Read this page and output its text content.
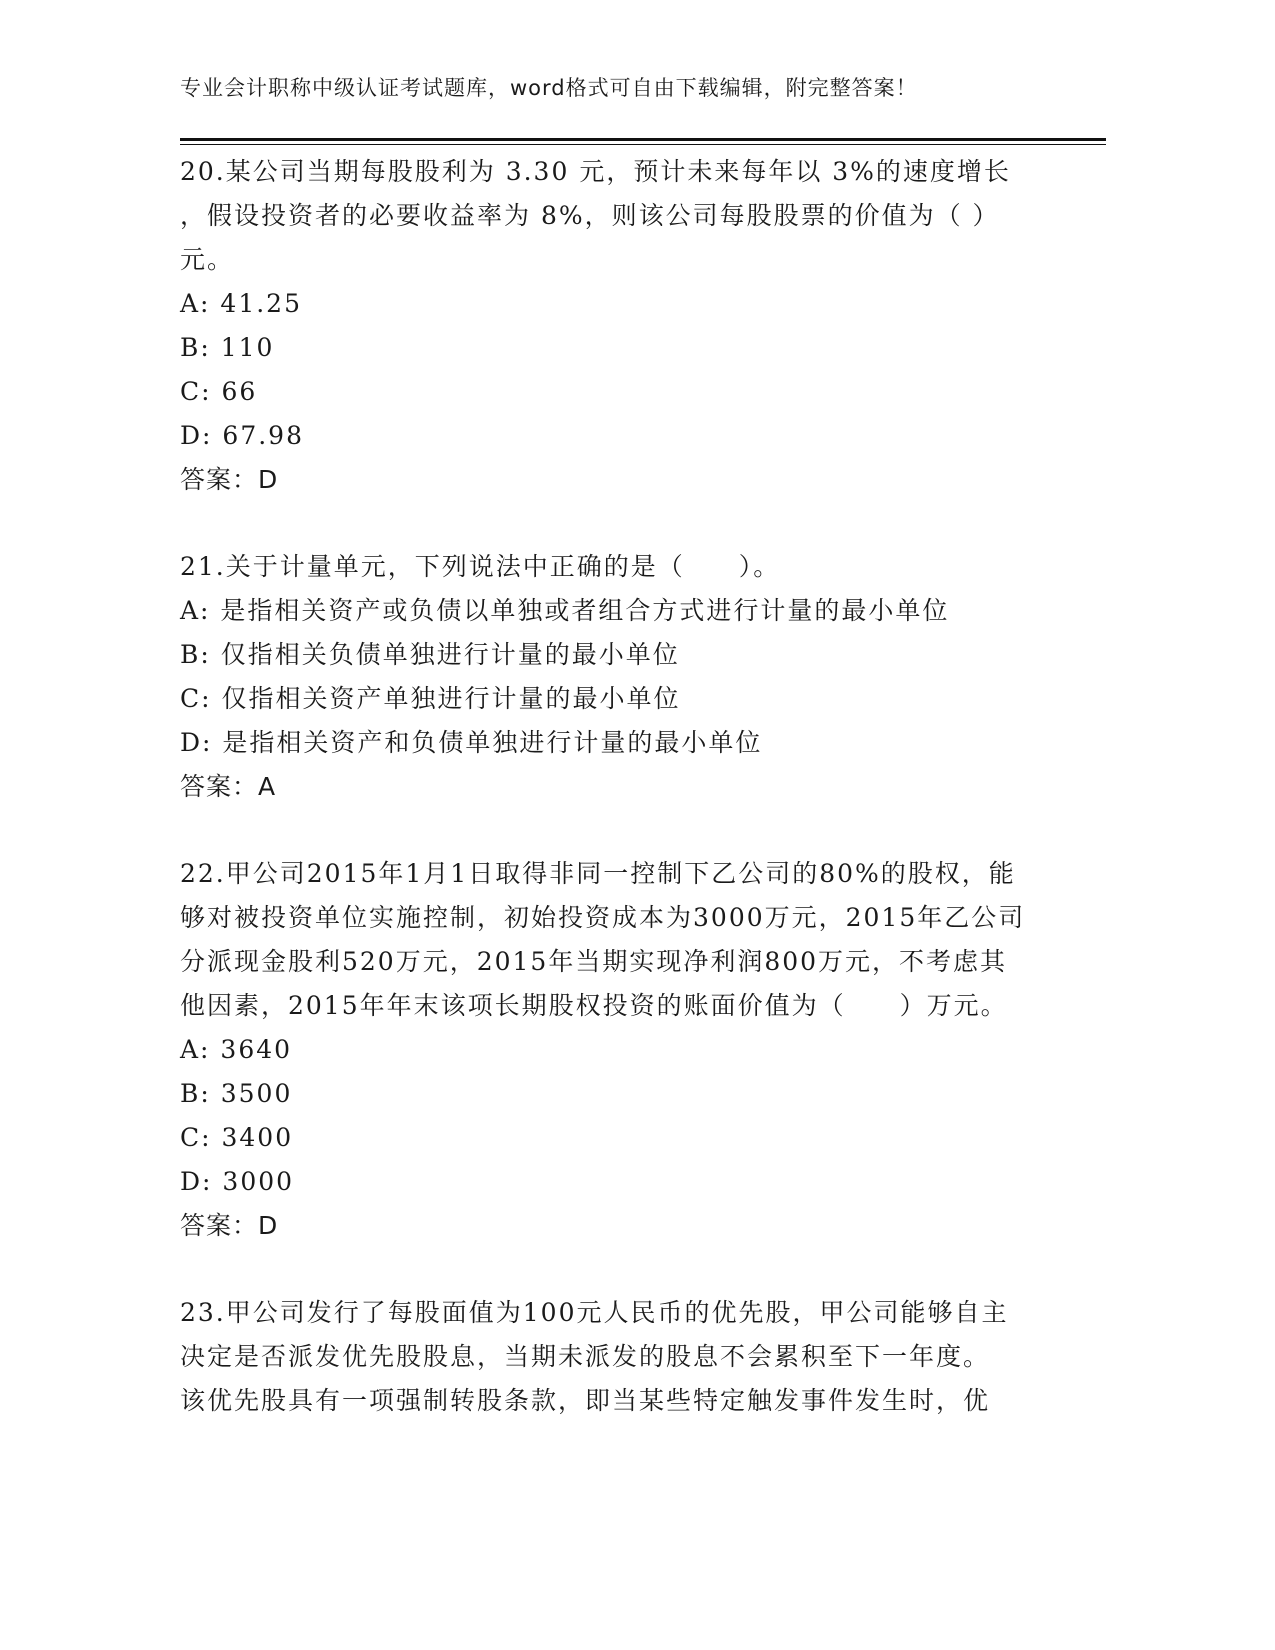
专业会计职称中级认证考试题库，word格式可自由下载编辑，附完整答案！
20.某公司当期每股股利为 3.30 元，预计未来每年以 3%的速度增长
，假设投资者的必要收益率为 8%，则该公司每股股票的价值为（ ）
元。
A: 41.25
B: 110
C: 66
D: 67.98
答案：D
21.关于计量单元，下列说法中正确的是（　　）。
A: 是指相关资产或负债以单独或者组合方式进行计量的最小单位
B: 仅指相关负债单独进行计量的最小单位
C: 仅指相关资产单独进行计量的最小单位
D: 是指相关资产和负债单独进行计量的最小单位
答案：A
22.甲公司2015年1月1日取得非同一控制下乙公司的80%的股权，能
够对被投资单位实施控制，初始投资成本为3000万元，2015年乙公司
分派现金股利520万元，2015年当期实现净利润800万元，不考虑其
他因素，2015年年末该项长期股权投资的账面价值为（　　）万元。
A: 3640
B: 3500
C: 3400
D: 3000
答案：D
23.甲公司发行了每股面值为100元人民币的优先股，甲公司能够自主
决定是否派发优先股股息，当期未派发的股息不会累积至下一年度。
该优先股具有一项强制转股条款，即当某些特定触发事件发生时，优
